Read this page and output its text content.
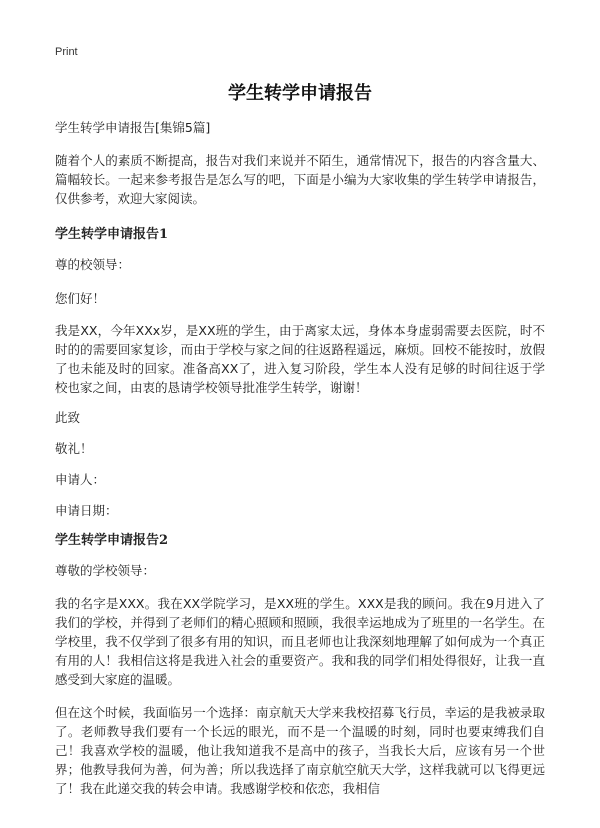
Print
学生转学申请报告

学生转学申请报告[集锦5篇]

随着个人的素质不断提高，报告对我们来说并不陌生，通常情况下，报告的内容含量大、篇幅较长。一起来参考报告是怎么写的吧，下面是小编为大家收集的学生转学申请报告，仅供参考，欢迎大家阅读。

学生转学申请报告1

尊的校领导：

您们好！

我是XX，今年XXx岁，是XX班的学生，由于离家太远，身体本身虚弱需要去医院，时不时的的需要回家复诊，而由于学校与家之间的往返路程遥远，麻烦。回校不能按时，放假了也未能及时的回家。准备高XX了，进入复习阶段，学生本人没有足够的时间往返于学校也家之间，由衷的恳请学校领导批准学生转学，谢谢！

此致

敬礼！

申请人：

申请日期：

学生转学申请报告2

尊敬的学校领导：

我的名字是XXX。我在XX学院学习，是XX班的学生。XXX是我的顾问。我在9月进入了我们的学校，并得到了老师们的精心照顾和照顾，我很幸运地成为了班里的一名学生。在学校里，我不仅学到了很多有用的知识，而且老师也让我深刻地理解了如何成为一个真正有用的人！我相信这将是我进入社会的重要资产。我和我的同学们相处得很好，让我一直感受到大家庭的温暖。

但在这个时候，我面临另一个选择：南京航天大学来我校招募飞行员，幸运的是我被录取了。老师教导我们要有一个长远的眼光，而不是一个温暖的时刻，同时也要束缚我们自己！我喜欢学校的温暖，他让我知道我不是高中的孩子，当我长大后，应该有另一个世界；他教导我何为善，何为善；所以我选择了南京航空航天大学，这样我就可以飞得更远了！我在此递交我的转会申请。我感谢学校和依恋，我相信
